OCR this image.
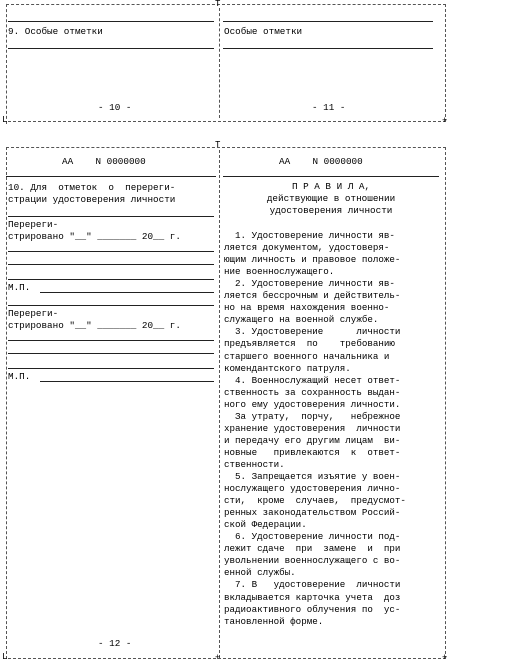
T
9. Особые отметки	Особые отметки
- 10 -	- 11 -
L	+
T
АА    N 0000000	АА    N 0000000
10. Для  отметок  о  перереги-
страции удостоверения личности
Перереги-
стрировано "__" _______ 20__ г.
М.П.
Перереги-
стрировано "__" _______ 20__ г.
М.П.
- 12 -
П Р А В И Л А,
действующие в отношении
удостоверения личности
1. Удостоверение личности яв-
ляется документом, удостоверя-
ющим личность и правовое положе-
ние военнослужащего.
2. Удостоверение личности яв-
ляется бессрочным и действитель-
но на время нахождения военно-
служащего на военной службе.
3. Удостоверение      личности
предъявляется  по    требованию
старшего военного начальника и
комендантского патруля.
4. Военнослужащий несет ответ-
ственность за сохранность выдан-
ного ему удостоверения личности.
За утрату,  порчу,   небрежное
хранение удостоверения  личности
и передачу его другим лицам  ви-
новные   привлекаются  к  ответ-
ственности.
5. Запрещается изъятие у воен-
нослужащего удостоверения лично-
сти,  кроме  случаев,  предусмот-
ренных законодательством Россий-
ской Федерации.
6. Удостоверение личности под-
лежит сдаче  при  замене  и  при
увольнении военнослужащего с во-
енной службы.
7. В   удостоверение  личности
вкладывается карточка учета  доз
радиоактивного облучения по  ус-
тановленной форме.
L	+	+
